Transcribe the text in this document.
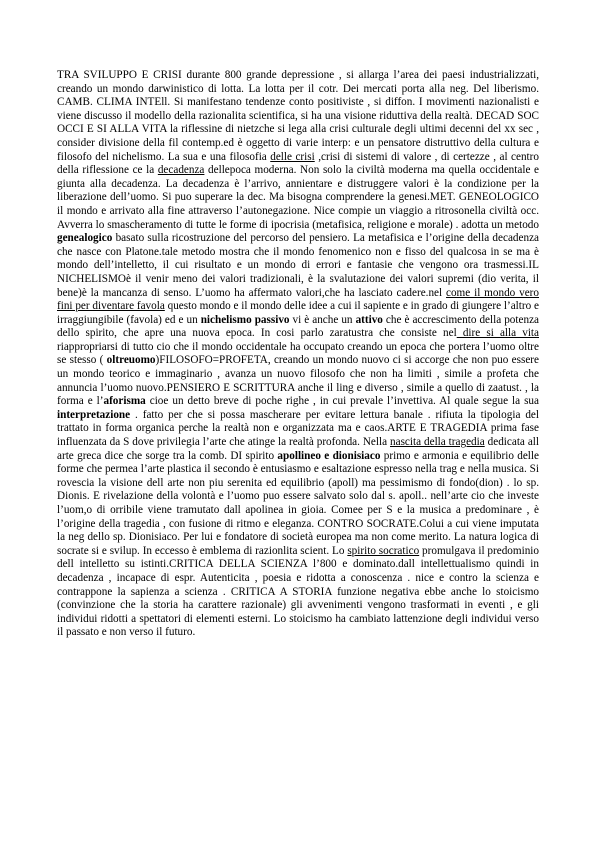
TRA SVILUPPO E CRISI durante 800 grande depressione , si allarga l’area dei paesi industrializzati, creando un mondo darwinistico di lotta. La lotta per il cotr. Dei mercati porta alla neg. Del liberismo. CAMB. CLIMA INTEll. Si manifestano tendenze conto positiviste , si diffon. I movimenti nazionalisti e viene discusso il modello della razionalita scientifica, si ha una visione riduttiva della realtà. DECAD SOC OCCI E SI ALLA VITA la riflessine di nietzche si lega alla crisi culturale degli ultimi decenni del xx sec , consider divisione della fil contemp.ed è oggetto di varie interp: e un pensatore distruttivo della cultura e filosofo del nichelismo. La sua e una filosofia delle crisi ,crisi di sistemi di valore , di certezze , al centro della riflessione ce la decadenza dellepoca moderna. Non solo la civiltà moderna ma quella occidentale e giunta alla decadenza. La decadenza è l’arrivo, annientare e distruggere valori è la condizione per la liberazione dell’uomo. Si puo superare la dec. Ma bisogna comprendere la genesi.MET. GENEOLOGICO il mondo e arrivato alla fine attraverso l’autonegazione. Nice compie un viaggio a ritrosonella civiltà occ. Avverra lo smascheramento di tutte le forme di ipocrisia (metafisica, religione e morale) . adotta un metodo genealogico basato sulla ricostruzione del percorso del pensiero. La metafisica e l’origine della decadenza che nasce con Platone.tale metodo mostra che il mondo fenomenico non e fisso del qualcosa in se ma è mondo dell’intelletto, il cui risultato e un mondo di errori e fantasie che vengono ora trasmessi.IL NICHELISMOè il venir meno dei valori tradizionali, è la svalutazione dei valori supremi (dio verita, il bene)è la mancanza di senso. L’uomo ha affermato valori,che ha lasciato cadere.nel come il mondo vero fini per diventare favola questo mondo e il mondo delle idee a cui il sapiente e in grado di giungere l’altro e irraggiungibile (favola) ed e un nichelismo passivo vi è anche un attivo che è accrescimento della potenza dello spirito, che apre una nuova epoca. In cosi parlo zaratustra che consiste nel dire si alla vita riappropriarsi di tutto cio che il mondo occidentale ha occupato creando un epoca che portera l’uomo oltre se stesso ( oltreuomo)FILOSOFO=PROFETA, creando un mondo nuovo ci si accorge che non puo essere un mondo teorico e immaginario , avanza un nuovo filosofo che non ha limiti , simile a profeta che annuncia l’uomo nuovo.PENSIERO E SCRITTURA anche il ling e diverso , simile a quello di zaatust. , la forma e l’aforisma cioe un detto breve di poche righe , in cui prevale l’invettiva. Al quale segue la sua interpretazione . fatto per che si possa mascherare per evitare lettura banale . rifiuta la tipologia del trattato in forma organica perche la realtà non e organizzata ma e caos.ARTE E TRAGEDIA prima fase influenzata da S dove privilegia l’arte che atinge la realtà profonda. Nella nascita della tragedia dedicata all arte greca dice che sorge tra la comb. DI spirito apollineo e dionisiaco primo e armonia e equilibrio delle forme che permea l’arte plastica il secondo è entusiasmo e esaltazione espresso nella trag e nella musica. Si rovescia la visione dell arte non piu serenita ed equilibrio (apoll) ma pessimismo di fondo(dion) . lo sp. Dionis. E rivelazione della volontà e l’uomo puo essere salvato solo dal s. apoll.. nell’arte cio che investe l’uom,o di orribile viene tramutato dall apolinea in gioia. Comee per S e la musica a predominare , è l’origine della tragedia , con fusione di ritmo e eleganza. CONTRO SOCRATE.Colui a cui viene imputata la neg dello sp. Dionisiaco. Per lui e fondatore di società europea ma non come merito. La natura logica di socrate si e svilup. In eccesso è emblema di razionlita scient. Lo spirito socratico promulgava il predominio dell intelletto su istinti.CRITICA DELLA SCIENZA l’800 e dominato.dall intellettualismo quindi in decadenza , incapace di espr. Autenticita , poesia e ridotta a conoscenza . nice e contro la scienza e contrappone la sapienza a scienza . CRITICA A STORIA funzione negativa ebbe anche lo stoicismo (convinzione che la storia ha carattere razionale) gli avvenimenti vengono trasformati in eventi , e gli individui ridotti a spettatori di elementi esterni. Lo stoicismo ha cambiato lattenzione degli individui verso il passato e non verso il futuro.
